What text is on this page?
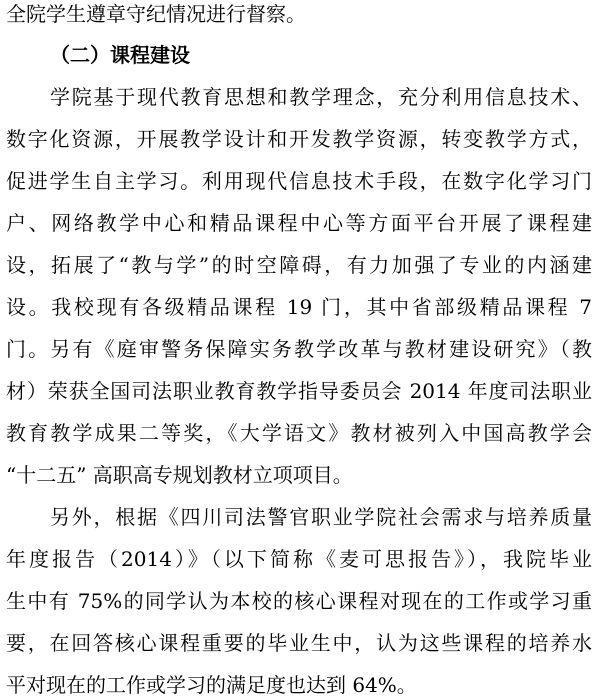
全院学生遵章守纪情况进行督察。
（二）课程建设
学院基于现代教育思想和教学理念，充分利用信息技术、
数字化资源，开展教学设计和开发教学资源，转变教学方式，
促进学生自主学习。利用现代信息技术手段，在数字化学习门
户、网络教学中心和精品课程中心等方面平台开展了课程建
设，拓展了“教与学”的时空障碍，有力加强了专业的内涵建
设。我校现有各级精品课程 19 门，其中省部级精品课程 7
门。另有《庭审警务保障实务教学改革与教材建设研究》（教
材）荣获全国司法职业教育教学指导委员会 2014 年度司法职业
教育教学成果二等奖，《大学语文》教材被列入中国高教学会
“十二五” 高职高专规划教材立项项目。
另外，根据《四川司法警官职业学院社会需求与培养质量
年度报告（2014）》（以下简称《麦可思报告》），我院毕业
生中有 75%的同学认为本校的核心课程对现在的工作或学习重
要，在回答核心课程重要的毕业生中，认为这些课程的培养水
平对现在的工作或学习的满足度也达到 64%。
